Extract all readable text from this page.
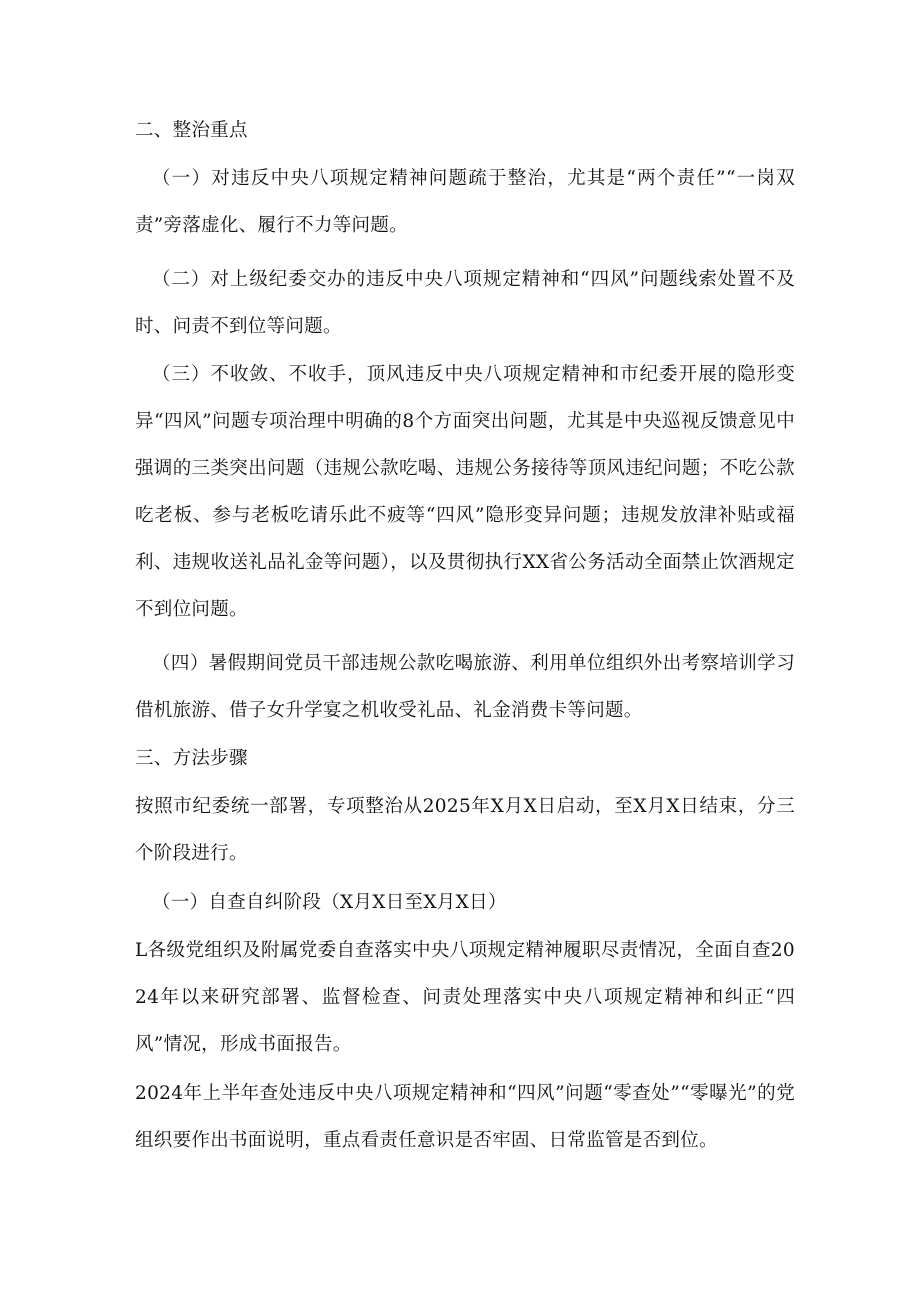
二、整治重点

（一）对违反中央八项规定精神问题疏于整治，尤其是“两个责任”“一岗双责”旁落虚化、履行不力等问题。

（二）对上级纪委交办的违反中央八项规定精神和“四风”问题线索处置不及时、问责不到位等问题。

（三）不收敛、不收手，顶风违反中央八项规定精神和市纪委开展的隐形变异“四风”问题专项治理中明确的8个方面突出问题，尤其是中央巡视反馈意见中强调的三类突出问题（违规公款吃喝、违规公务接待等顶风违纪问题；不吃公款吃老板、参与老板吃请乐此不疲等“四风”隐形变异问题；违规发放津补贴或福利、违规收送礼品礼金等问题），以及贯彻执行XX省公务活动全面禁止饮酒规定不到位问题。

（四）暑假期间党员干部违规公款吃喝旅游、利用单位组织外出考察培训学习借机旅游、借子女升学宴之机收受礼品、礼金消费卡等问题。

三、方法步骤

按照市纪委统一部署，专项整治从2025年X月X日启动，至X月X日结束，分三个阶段进行。

（一）自查自纠阶段（X月X日至X月X日）

L各级党组织及附属党委自查落实中央八项规定精神履职尽责情况，全面自查2024年以来研究部署、监督检查、问责处理落实中央八项规定精神和纠正“四风”情况，形成书面报告。

2024年上半年查处违反中央八项规定精神和“四风”问题“零查处”“零曝光”的党组织要作出书面说明，重点看责任意识是否牢固、日常监管是否到位。
